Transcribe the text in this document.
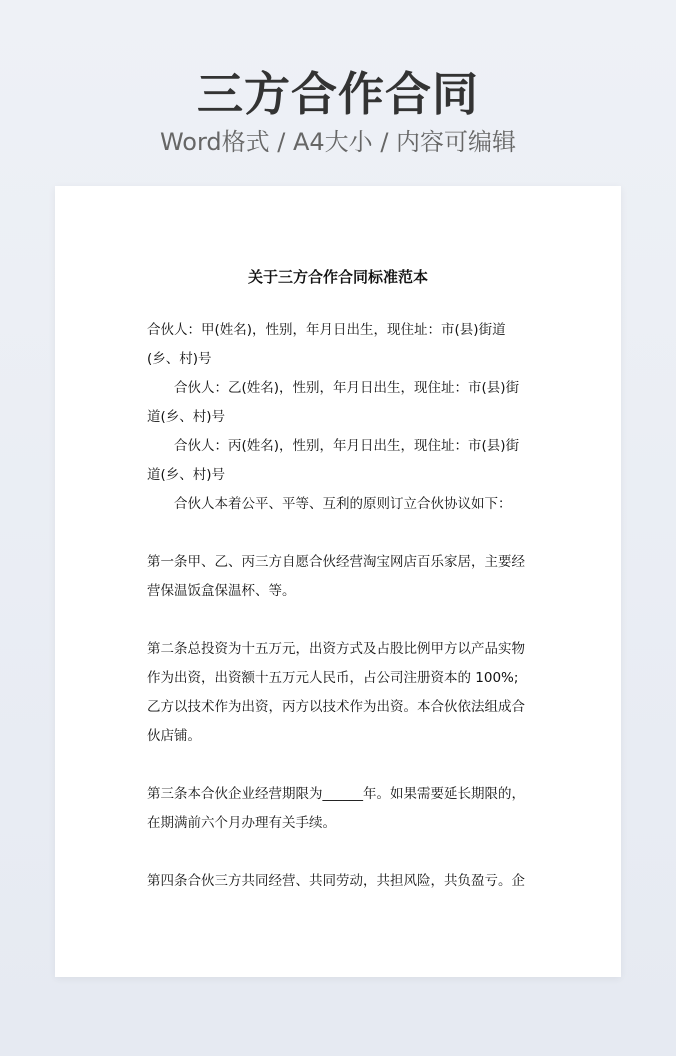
三方合作合同
Word格式 / A4大小 / 内容可编辑
关于三方合作合同标准范本

合伙人：甲(姓名)，性别，年月日出生，现住址：市(县)街道(乡、村)号

合伙人：乙(姓名)，性别，年月日出生，现住址：市(县)街道(乡、村)号

合伙人：丙(姓名)，性别，年月日出生，现住址：市(县)街道(乡、村)号

合伙人本着公平、平等、互利的原则订立合伙协议如下：

第一条甲、乙、丙三方自愿合伙经营淘宝网店百乐家居，主要经营保温饭盒保温杯、等。

第二条总投资为十五万元，出资方式及占股比例甲方以产品实物作为出资，出资额十五万元人民币，占公司注册资本的 100%;乙方以技术作为出资，丙方以技术作为出资。本合伙依法组成合伙店铺。

第三条本合伙企业经营期限为______年。如果需要延长期限的，在期满前六个月办理有关手续。

第四条合伙三方共同经营、共同劳动，共担风险，共负盈亏。企
